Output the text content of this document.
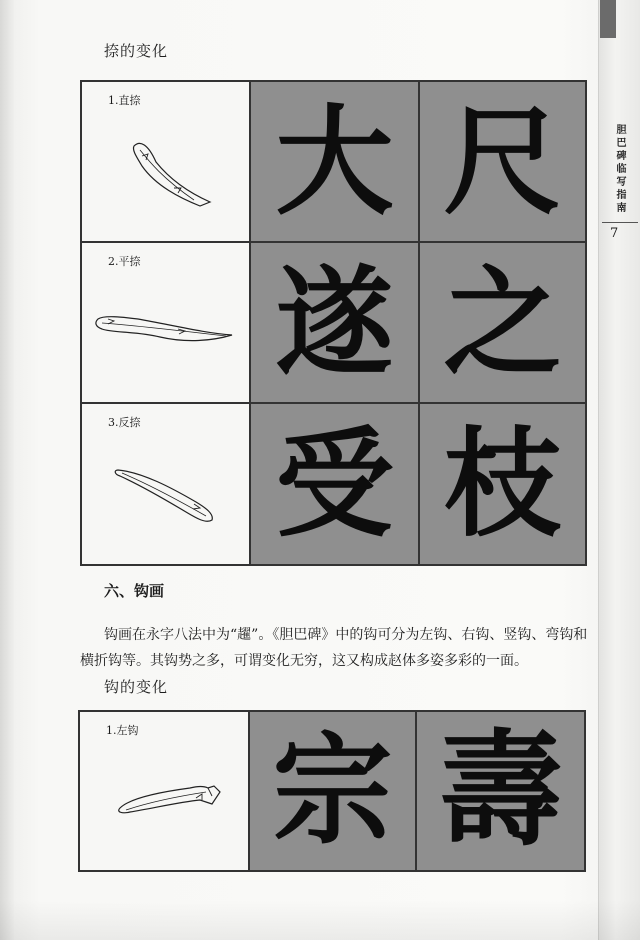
胆巴碑临写指南
7
捺的变化
1.直捺 大 尺
2.平捺 遂 之
3.反捺 受 枝
六、钩画
钩画在永字八法中为“趯”。《胆巴碑》中的钩可分为左钩、右钩、竖钩、弯钩和横折钩等。其钩势之多，可谓变化无穷，这又构成赵体多姿多彩的一面。
钩的变化
1.左钩 宗 壽
